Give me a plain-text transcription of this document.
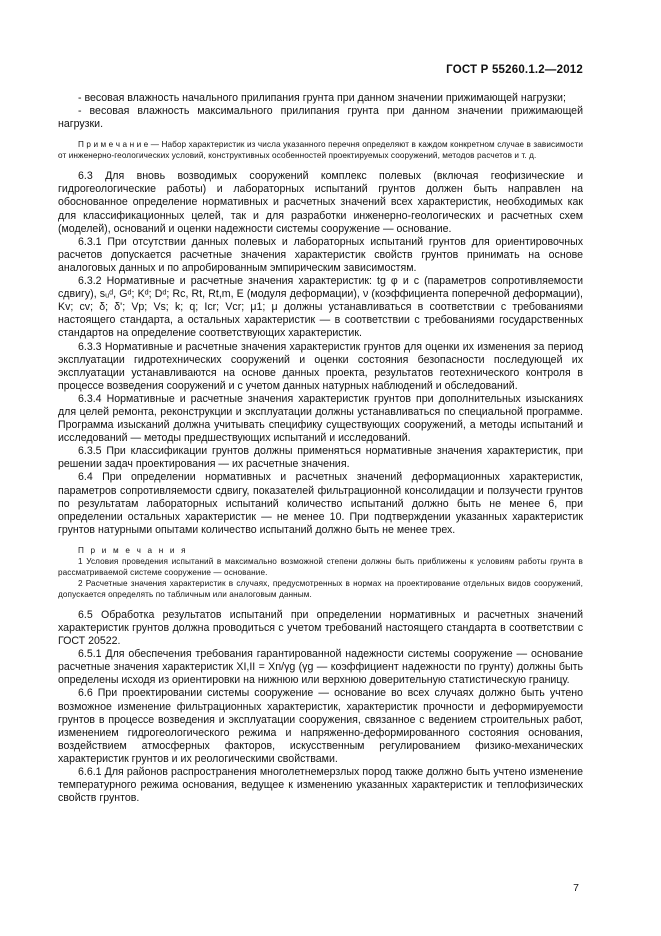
ГОСТ Р 55260.1.2—2012

- весовая влажность начального прилипания грунта при данном значении прижимающей нагрузки;

- весовая влажность максимального прилипания грунта при данном значении прижимающей нагрузки.

П р и м е ч а н и е — Набор характеристик из числа указанного перечня определяют в каждом конкретном случае в зависимости от инженерно-геологических условий, конструктивных особенностей проектируемых сооружений, методов расчетов и т. д.

6.3 Для вновь возводимых сооружений комплекс полевых (включая геофизические и гидрогеологические работы) и лабораторных испытаний грунтов должен быть направлен на обоснованное определение нормативных и расчетных значений всех характеристик, необходимых как для классификационных целей, так и для разработки инженерно-геологических и расчетных схем (моделей), оснований и оценки надежности системы сооружение — основание.

6.3.1 При отсутствии данных полевых и лабораторных испытаний грунтов для ориентировочных расчетов допускается расчетные значения характеристик свойств грунтов принимать на основе аналоговых данных и по апробированным эмпирическим зависимостям.

6.3.2 Нормативные и расчетные значения характеристик: tg φ и c (параметров сопротивляемости сдвигу), sᵤᵈ, Gᵈ; Kᵈ; Dᵈ; Rc, Rt, Rt,m, E (модуля деформации), ν (коэффициента поперечной деформации), Kv; cv; δ; δ'; Vp; Vs; k; q; Icr; Vcr; μ1; μ должны устанавливаться в соответствии с требованиями настоящего стандарта, а остальных характеристик — в соответствии с требованиями государственных стандартов на определение соответствующих характеристик.

6.3.3 Нормативные и расчетные значения характеристик грунтов для оценки их изменения за период эксплуатации гидротехнических сооружений и оценки состояния безопасности последующей их эксплуатации устанавливаются на основе данных проекта, результатов геотехнического контроля в процессе возведения сооружений и с учетом данных натурных наблюдений и обследований.

6.3.4 Нормативные и расчетные значения характеристик грунтов при дополнительных изысканиях для целей ремонта, реконструкции и эксплуатации должны устанавливаться по специальной программе. Программа изысканий должна учитывать специфику существующих сооружений, а методы испытаний и исследований — методы предшествующих испытаний и исследований.

6.3.5 При классификации грунтов должны применяться нормативные значения характеристик, при решении задач проектирования — их расчетные значения.

6.4 При определении нормативных и расчетных значений деформационных характеристик, параметров сопротивляемости сдвигу, показателей фильтрационной консолидации и ползучести грунтов по результатам лабораторных испытаний количество испытаний должно быть не менее 6, при определении остальных характеристик — не менее 10. При подтверждении указанных характеристик грунтов натурными опытами количество испытаний должно быть не менее трех.

П р и м е ч а н и я

1 Условия проведения испытаний в максимально возможной степени должны быть приближены к условиям работы грунта в рассматриваемой системе сооружение — основание.

2 Расчетные значения характеристик в случаях, предусмотренных в нормах на проектирование отдельных видов сооружений, допускается определять по табличным или аналоговым данным.

6.5 Обработка результатов испытаний при определении нормативных и расчетных значений характеристик грунтов должна проводиться с учетом требований настоящего стандарта в соответствии с ГОСТ 20522.

6.5.1 Для обеспечения требования гарантированной надежности системы сооружение — основание расчетные значения характеристик XI,II = Xn/γg (γg — коэффициент надежности по грунту) должны быть определены исходя из ориентировки на нижнюю или верхнюю доверительную статистическую границу.

6.6 При проектировании системы сооружение — основание во всех случаях должно быть учтено возможное изменение фильтрационных характеристик, характеристик прочности и деформируемости грунтов в процессе возведения и эксплуатации сооружения, связанное с ведением строительных работ, изменением гидрогеологического режима и напряженно-деформированного состояния основания, воздействием атмосферных факторов, искусственным регулированием физико-механических характеристик грунтов и их реологическими свойствами.

6.6.1 Для районов распространения многолетнемерзлых пород также должно быть учтено изменение температурного режима основания, ведущее к изменению указанных характеристик и теплофизических свойств грунтов.

7
